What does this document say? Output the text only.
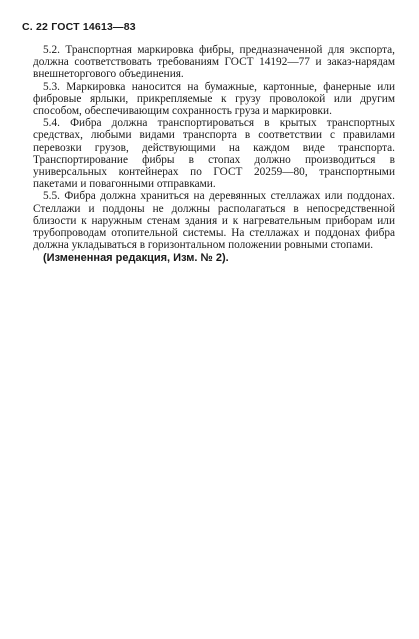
С. 22 ГОСТ 14613—83

5.2. Транспортная маркировка фибры, предназначенной для экспорта, должна соответствовать требованиям ГОСТ 14192—77 и заказ-нарядам внешнеторгового объединения.

5.3. Маркировка наносится на бумажные, картонные, фанерные или фибровые ярлыки, прикрепляемые к грузу проволокой или другим способом, обеспечивающим сохранность груза и маркировки.

5.4. Фибра должна транспортироваться в крытых транспортных средствах, любыми видами транспорта в соответствии с правилами перевозки грузов, действующими на каждом виде транспорта. Транспортирование фибры в стопах должно производиться в универсальных контейнерах по ГОСТ 20259—80, транспортными пакетами и повагонными отправками.

5.5. Фибра должна храниться на деревянных стеллажах или поддонах. Стеллажи и поддоны не должны располагаться в непосредственной близости к наружным стенам здания и к нагревательным приборам или трубопроводам отопительной системы. На стеллажах и поддонах фибра должна укладываться в горизонтальном положении ровными стопами.

(Измененная редакция, Изм. № 2).
